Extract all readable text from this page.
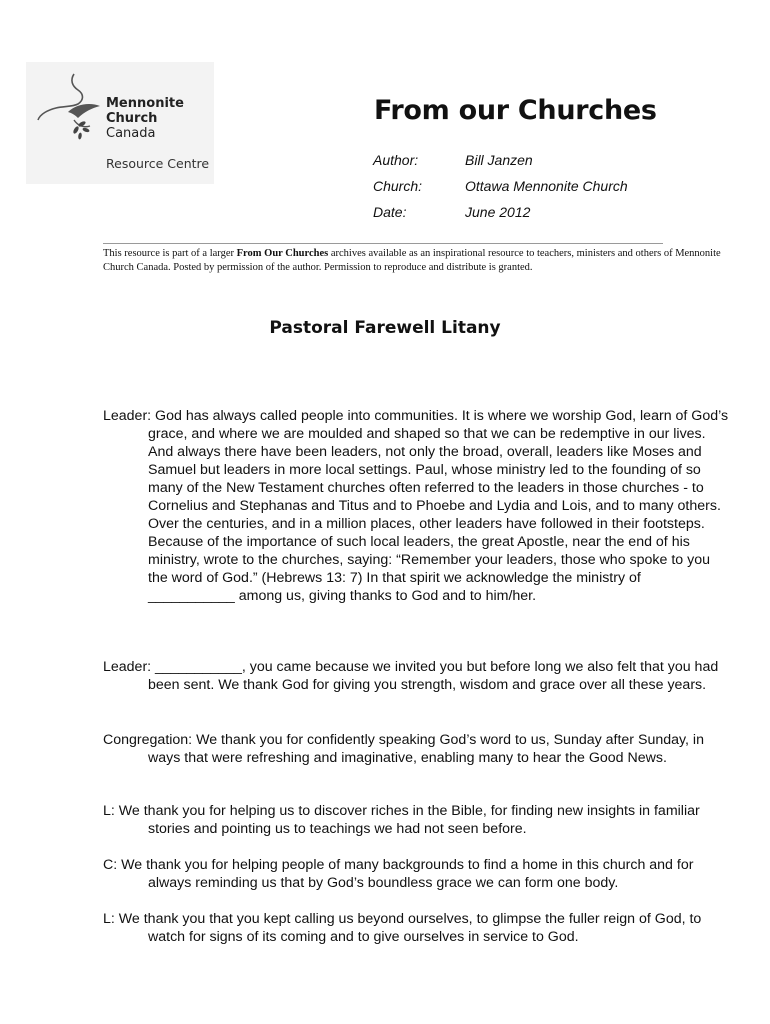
Mennonite
Church
Canada
Resource Centre
From our Churches
Author:	Bill Janzen
Church:	Ottawa Mennonite Church
Date:	June 2012
This resource is part of a larger From Our Churches archives available as an inspirational resource to teachers, ministers and others of Mennonite Church Canada. Posted by permission of the author. Permission to reproduce and distribute is granted.
Pastoral Farewell Litany
Leader: God has always called people into communities. It is where we worship God, learn of God’s grace, and where we are moulded and shaped so that we can be redemptive in our lives. And always there have been leaders, not only the broad, overall, leaders like Moses and Samuel but leaders in more local settings. Paul, whose ministry led to the founding of so many of the New Testament churches often referred to the leaders in those churches - to Cornelius and Stephanas and Titus and to Phoebe and Lydia and Lois, and to many others. Over the centuries, and in a million places, other leaders have followed in their footsteps. Because of the importance of such local leaders, the great Apostle, near the end of his ministry, wrote to the churches, saying: “Remember your leaders, those who spoke to you the word of God.” (Hebrews 13: 7) In that spirit we acknowledge the ministry of ___________ among us, giving thanks to God and to him/her.
Leader: ___________, you came because we invited you but before long we also felt that you had been sent. We thank God for giving you strength, wisdom and grace over all these years.
Congregation: We thank you for confidently speaking God’s word to us, Sunday after Sunday, in ways that were refreshing and imaginative, enabling many to hear the Good News.
L: We thank you for helping us to discover riches in the Bible, for finding new insights in familiar stories and pointing us to teachings we had not seen before.
C: We thank you for helping people of many backgrounds to find a home in this church and for always reminding us that by God’s boundless grace we can form one body.
L: We thank you that you kept calling us beyond ourselves, to glimpse the fuller reign of God, to watch for signs of its coming and to give ourselves in service to God.
